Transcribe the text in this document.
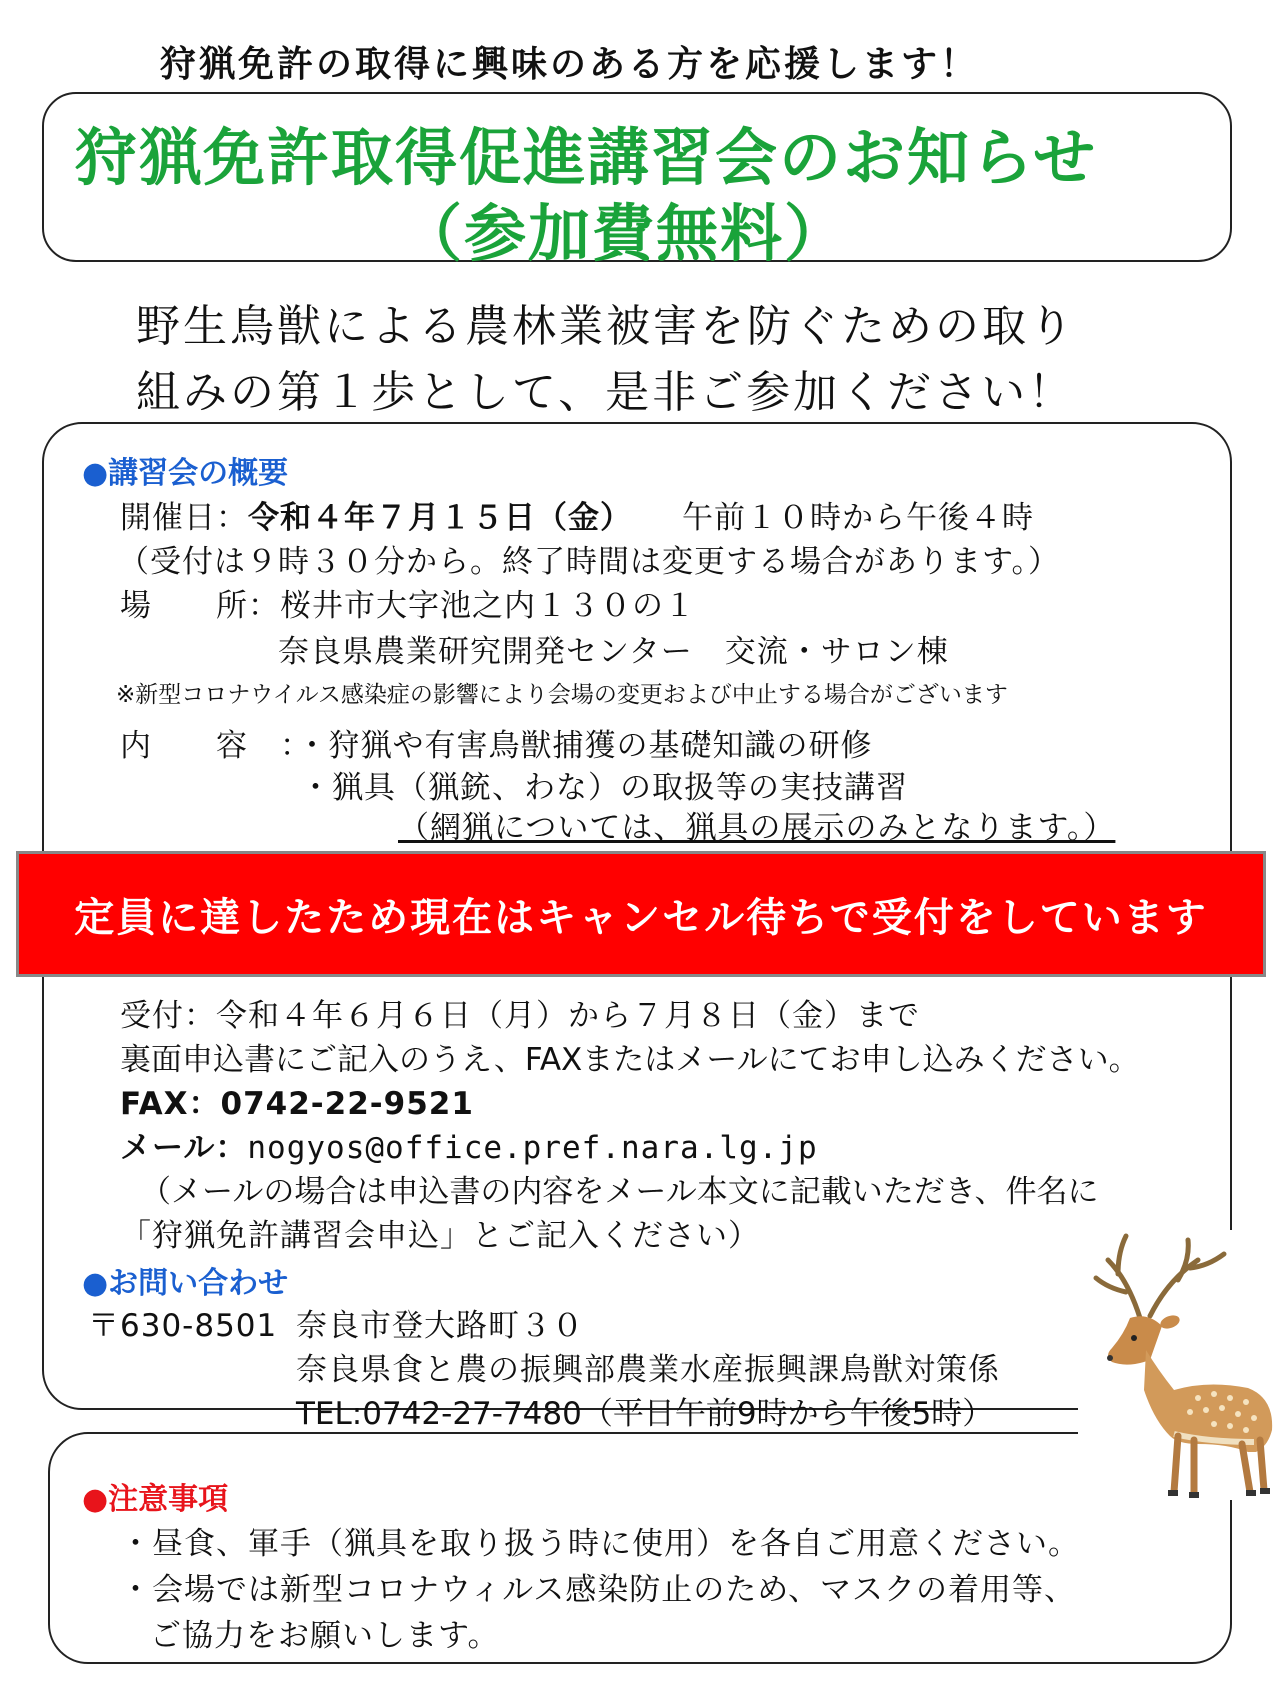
狩猟免許の取得に興味のある方を応援します！
狩猟免許取得促進講習会のお知らせ
（参加費無料）
野生鳥獣による農林業被害を防ぐための取り
組みの第１歩として、是非ご参加ください！
●講習会の概要
開催日：令和４年７月１５日（金） 午前１０時から午後４時
（受付は９時３０分から。終了時間は変更する場合があります。）
場　　所：桜井市大字池之内１３０の１
奈良県農業研究開発センター　交流・サロン棟
※新型コロナウイルス感染症の影響により会場の変更および中止する場合がございます
内　　容　：・狩猟や有害鳥獣捕獲の基礎知識の研修
・猟具（猟銃、わな）の取扱等の実技講習
（網猟については、猟具の展示のみとなります。）
定員に達したため現在はキャンセル待ちで受付をしています
受付：令和４年６月６日（月）から７月８日（金）まで
裏面申込書にご記入のうえ、FAXまたはメールにてお申し込みください。
FAX：0742-22-9521
メール：nogyos@office.pref.nara.lg.jp
（メールの場合は申込書の内容をメール本文に記載いただき、件名に
「狩猟免許講習会申込」とご記入ください）
●お問い合わせ
〒630-8501 奈良市登大路町３０
奈良県食と農の振興部農業水産振興課鳥獣対策係
TEL:0742-27-7480（平日午前9時から午後5時）
●注意事項
・昼食、軍手（猟具を取り扱う時に使用）を各自ご用意ください。
・会場では新型コロナウィルス感染防止のため、マスクの着用等、
ご協力をお願いします。
